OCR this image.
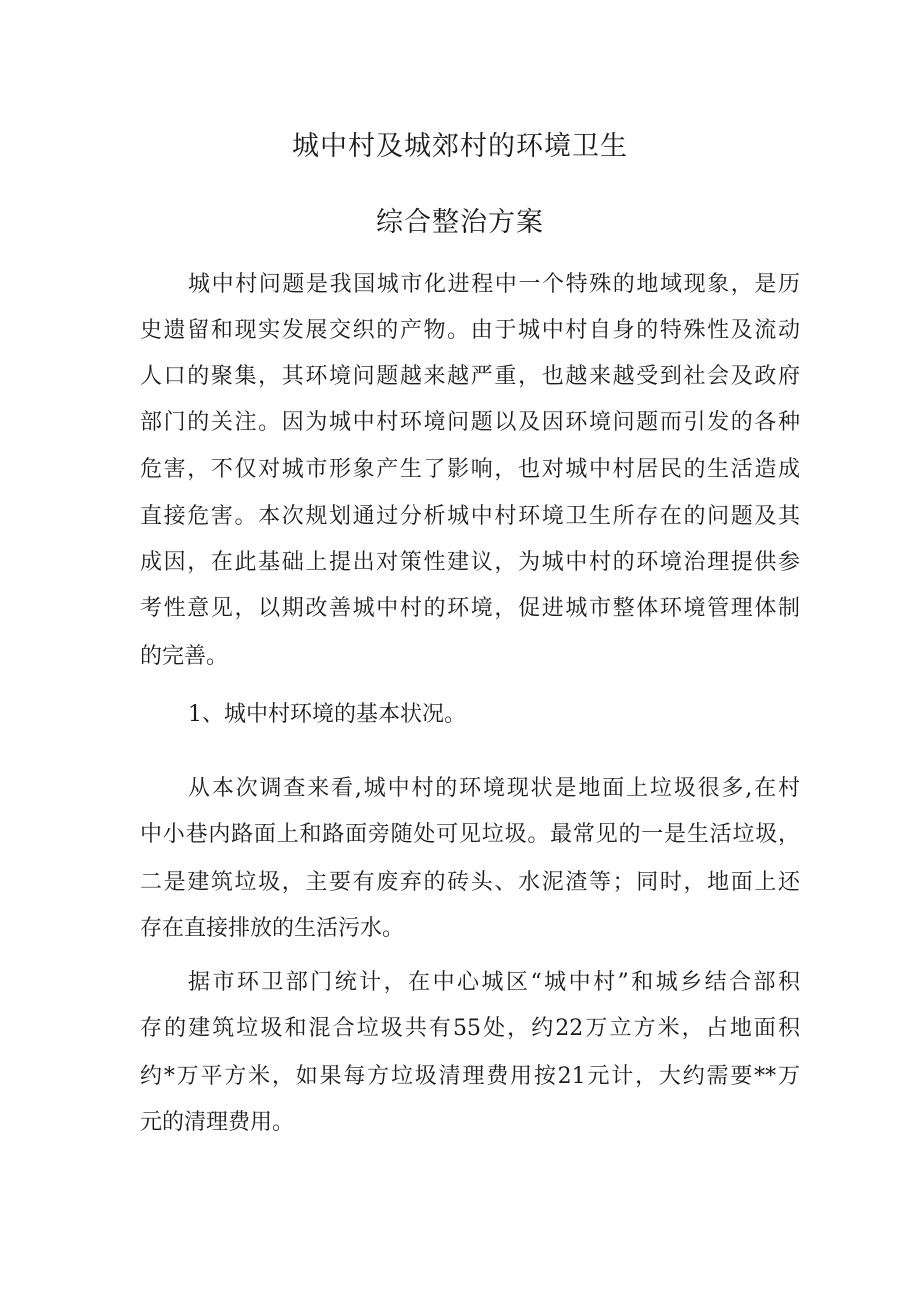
城中村及城郊村的环境卫生
综合整治方案
城中村问题是我国城市化进程中一个特殊的地域现象，是历
史遗留和现实发展交织的产物。由于城中村自身的特殊性及流动
人口的聚集，其环境问题越来越严重，也越来越受到社会及政府
部门的关注。因为城中村环境问题以及因环境问题而引发的各种
危害，不仅对城市形象产生了影响，也对城中村居民的生活造成
直接危害。本次规划通过分析城中村环境卫生所存在的问题及其
成因，在此基础上提出对策性建议，为城中村的环境治理提供参
考性意见，以期改善城中村的环境，促进城市整体环境管理体制
的完善。
1、城中村环境的基本状况。
从本次调查来看,城中村的环境现状是地面上垃圾很多,在村
中小巷内路面上和路面旁随处可见垃圾。最常见的一是生活垃圾，
二是建筑垃圾，主要有废弃的砖头、水泥渣等；同时，地面上还
存在直接排放的生活污水。
据市环卫部门统计，在中心城区“城中村”和城乡结合部积
存的建筑垃圾和混合垃圾共有55处，约22万立方米，占地面积
约*万平方米，如果每方垃圾清理费用按21元计，大约需要**万
元的清理费用。
